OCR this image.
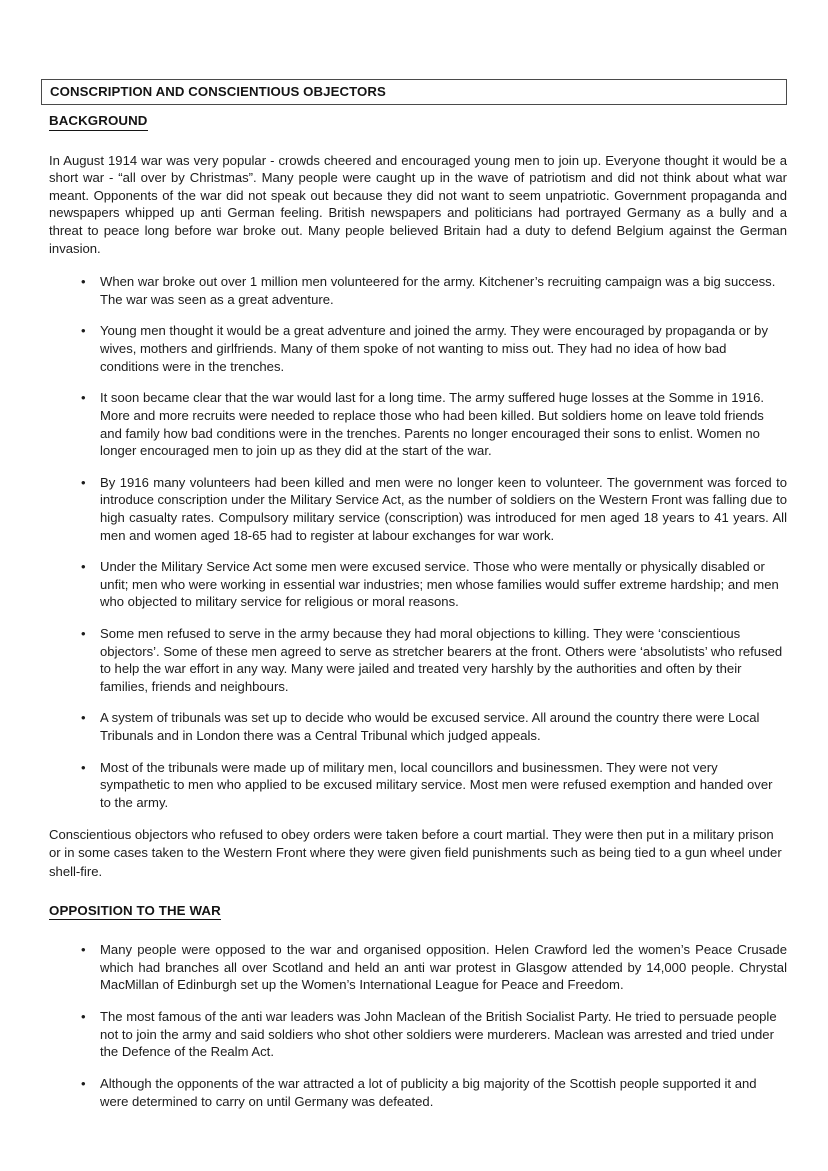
CONSCRIPTION AND CONSCIENTIOUS OBJECTORS
BACKGROUND

In August 1914 war was very popular - crowds cheered and encouraged young men to join up. Everyone thought it would be a short war - “all over by Christmas”. Many people were caught up in the wave of patriotism and did not think about what war meant. Opponents of the war did not speak out because they did not want to seem unpatriotic. Government propaganda and newspapers whipped up anti German feeling. British newspapers and politicians had portrayed Germany as a bully and a threat to peace long before war broke out. Many people believed Britain had a duty to defend Belgium against the German invasion.

• When war broke out over 1 million men volunteered for the army. Kitchener’s recruiting campaign was a big success. The war was seen as a great adventure.
• Young men thought it would be a great adventure and joined the army. They were encouraged by propaganda or by wives, mothers and girlfriends. Many of them spoke of not wanting to miss out. They had no idea of how bad conditions were in the trenches.
• It soon became clear that the war would last for a long time. The army suffered huge losses at the Somme in 1916. More and more recruits were needed to replace those who had been killed. But soldiers home on leave told friends and family how bad conditions were in the trenches. Parents no longer encouraged their sons to enlist. Women no longer encouraged men to join up as they did at the start of the war.
• By 1916 many volunteers had been killed and men were no longer keen to volunteer. The government was forced to introduce conscription under the Military Service Act, as the number of soldiers on the Western Front was falling due to high casualty rates. Compulsory military service (conscription) was introduced for men aged 18 years to 41 years. All men and women aged 18-65 had to register at labour exchanges for war work.
• Under the Military Service Act some men were excused service. Those who were mentally or physically disabled or unfit; men who were working in essential war industries; men whose families would suffer extreme hardship; and men who objected to military service for religious or moral reasons.
• Some men refused to serve in the army because they had moral objections to killing. They were ‘conscientious objectors’. Some of these men agreed to serve as stretcher bearers at the front. Others were ‘absolutists’ who refused to help the war effort in any way. Many were jailed and treated very harshly by the authorities and often by their families, friends and neighbours.
• A system of tribunals was set up to decide who would be excused service. All around the country there were Local Tribunals and in London there was a Central Tribunal which judged appeals.
• Most of the tribunals were made up of military men, local councillors and businessmen. They were not very sympathetic to men who applied to be excused military service. Most men were refused exemption and handed over to the army.

Conscientious objectors who refused to obey orders were taken before a court martial. They were then put in a military prison or in some cases taken to the Western Front where they were given field punishments such as being tied to a gun wheel under shell-fire.

OPPOSITION TO THE WAR
• Many people were opposed to the war and organised opposition. Helen Crawford led the women’s Peace Crusade which had branches all over Scotland and held an anti war protest in Glasgow attended by 14,000 people. Chrystal MacMillan of Edinburgh set up the Women’s International League for Peace and Freedom.
• The most famous of the anti war leaders was John Maclean of the British Socialist Party. He tried to persuade people not to join the army and said soldiers who shot other soldiers were murderers. Maclean was arrested and tried under the Defence of the Realm Act.
• Although the opponents of the war attracted a lot of publicity a big majority of the Scottish people supported it and were determined to carry on until Germany was defeated.
